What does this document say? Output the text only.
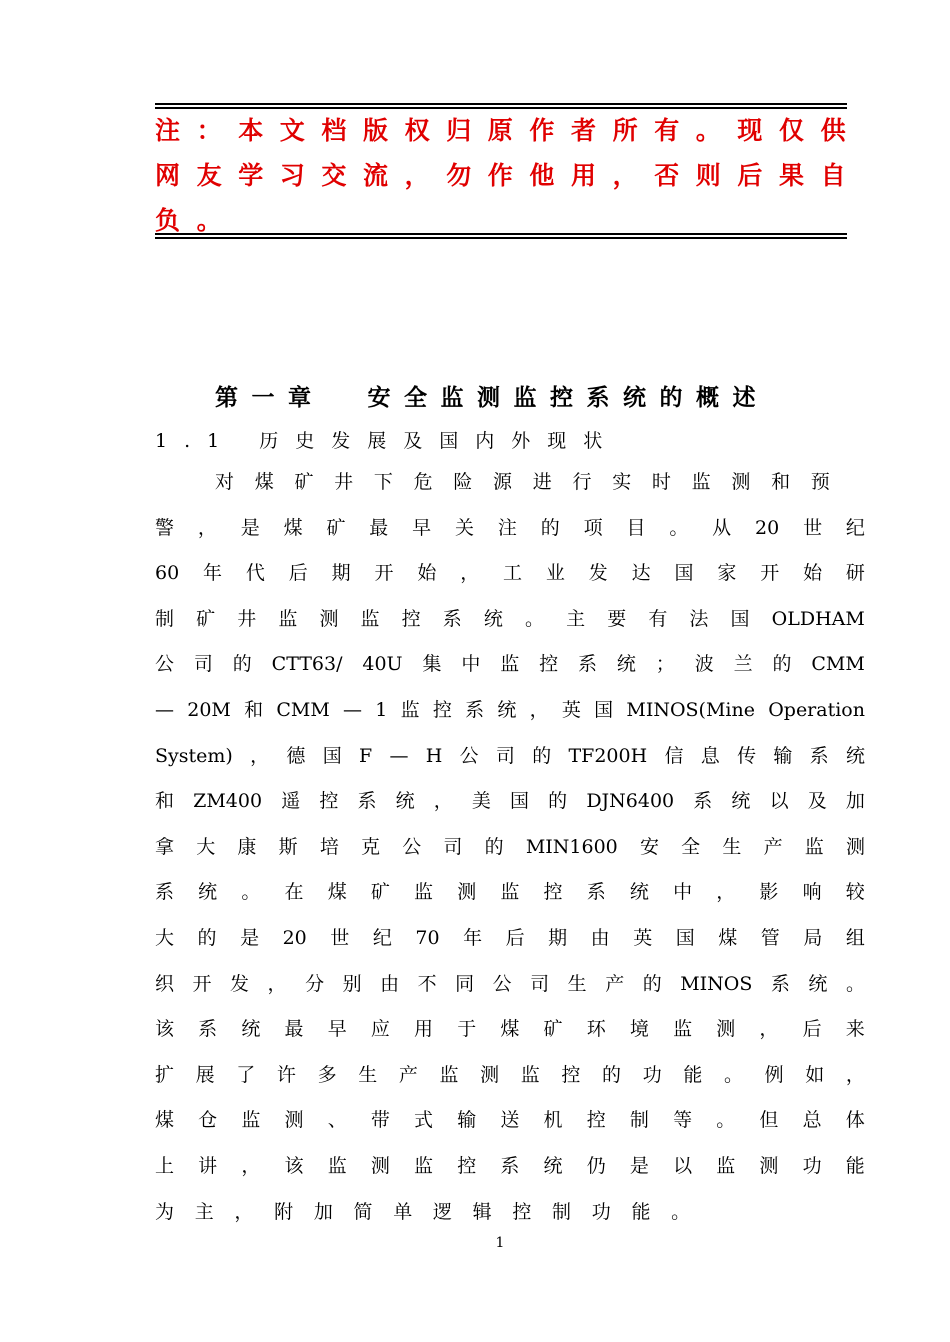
注：本文档版权归原作者所有。现仅供
网友学习交流，勿作他用，否则后果自
负。
第一章  安全监测监控系统的概述
1.1 历史发展及国内外现状
对 煤 矿 井 下 危 险 源 进 行 实 时 监 测 和 预
警 ， 是 煤 矿 最 早 关 注 的 项 目 。 从 20 世 纪
60 年 代 后 期 开 始 ， 工 业 发 达 国 家 开 始 研
制 矿 井 监 测 监 控 系 统 。 主 要 有 法 国 OLDHAM
公 司 的 CTT63/ 40U 集 中 监 控 系 统 ； 波 兰 的 CMM
— 20M 和 CMM — 1 监 控 系 统 ， 英 国 MINOS(Mine Operation
System) ， 德 国 F — H 公 司 的 TF200H 信 息 传 输 系 统
和 ZM400 遥 控 系 统 ， 美 国 的 DJN6400 系 统 以 及 加
拿 大 康 斯 培 克 公 司 的 MIN1600 安 全 生 产 监 测
系 统 。 在 煤 矿 监 测 监 控 系 统 中 ， 影 响 较
大 的 是 20 世 纪 70 年 后 期 由 英 国 煤 管 局 组
织 开 发 ， 分 别 由 不 同 公 司 生 产 的 MINOS 系 统 。
该 系 统 最 早 应 用 于 煤 矿 环 境 监 测 ， 后 来
扩 展 了 许 多 生 产 监 测 监 控 的 功 能 。 例 如 ，
煤 仓 监 测 、 带 式 输 送 机 控 制 等 。 但 总 体
上 讲 ， 该 监 测 监 控 系 统 仍 是 以 监 测 功 能
为 主 ， 附 加 简 单 逻 辑 控 制 功 能 。
1
